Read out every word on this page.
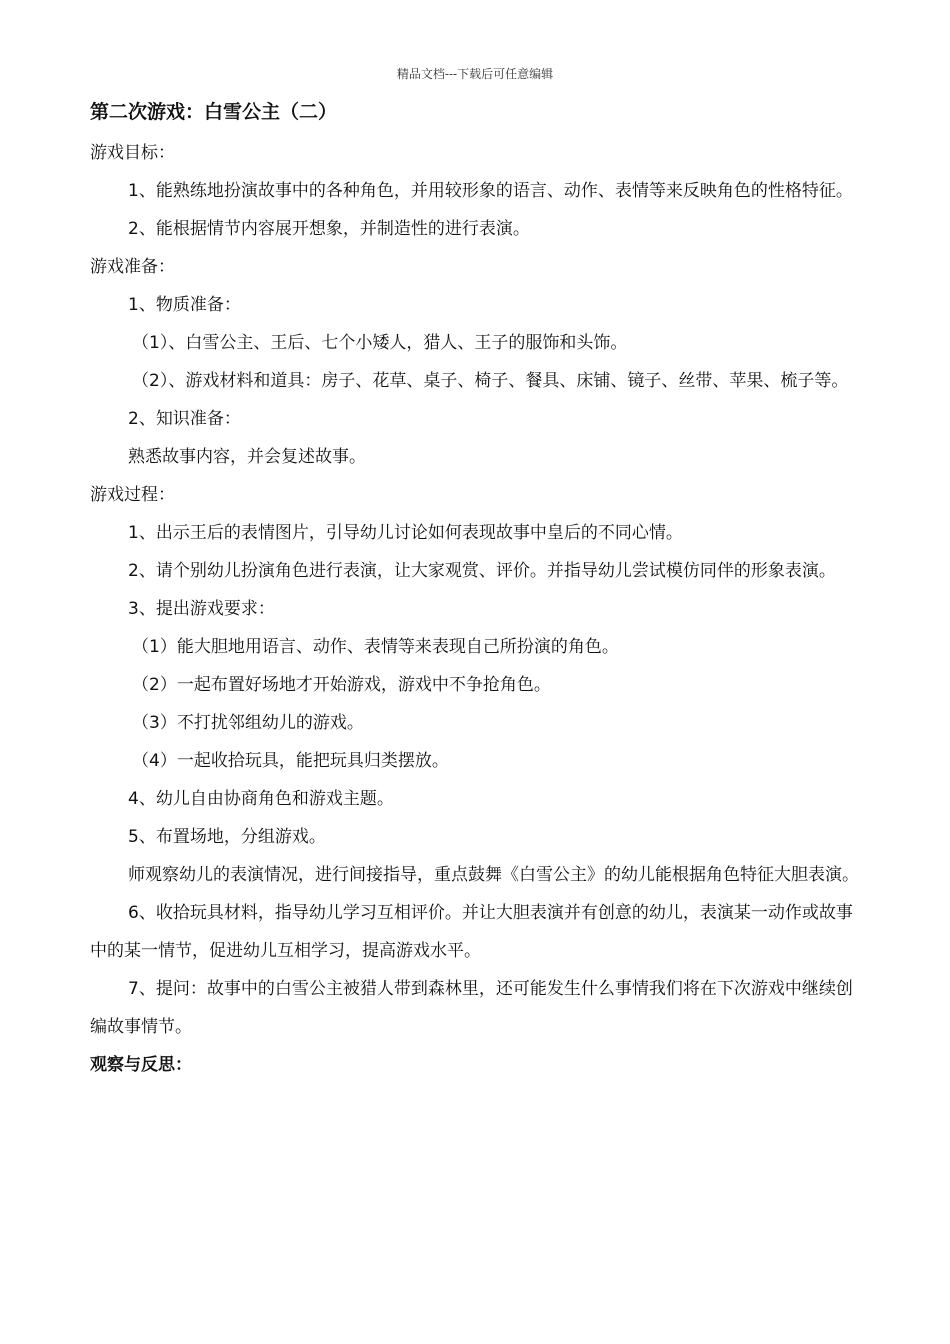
精品文档---下载后可任意编辑
第二次游戏：白雪公主（二）

游戏目标：

1、能熟练地扮演故事中的各种角色，并用较形象的语言、动作、表情等来反映角色的性格特征。

2、能根据情节内容展开想象，并制造性的进行表演。

游戏准备：

1、物质准备：

（1）、白雪公主、王后、七个小矮人，猎人、王子的服饰和头饰。

（2）、游戏材料和道具：房子、花草、桌子、椅子、餐具、床铺、镜子、丝带、苹果、梳子等。

2、知识准备：

熟悉故事内容，并会复述故事。

游戏过程：

1、出示王后的表情图片，引导幼儿讨论如何表现故事中皇后的不同心情。

2、请个别幼儿扮演角色进行表演，让大家观赏、评价。并指导幼儿尝试模仿同伴的形象表演。

3、提出游戏要求：

（1）能大胆地用语言、动作、表情等来表现自己所扮演的角色。

（2）一起布置好场地才开始游戏，游戏中不争抢角色。

（3）不打扰邻组幼儿的游戏。

（4）一起收拾玩具，能把玩具归类摆放。

4、幼儿自由协商角色和游戏主题。

5、布置场地，分组游戏。

师观察幼儿的表演情况，进行间接指导，重点鼓舞《白雪公主》的幼儿能根据角色特征大胆表演。

6、收拾玩具材料，指导幼儿学习互相评价。并让大胆表演并有创意的幼儿，表演某一动作或故事中的某一情节，促进幼儿互相学习，提高游戏水平。

7、提问：故事中的白雪公主被猎人带到森林里，还可能发生什么事情我们将在下次游戏中继续创编故事情节。

观察与反思：
